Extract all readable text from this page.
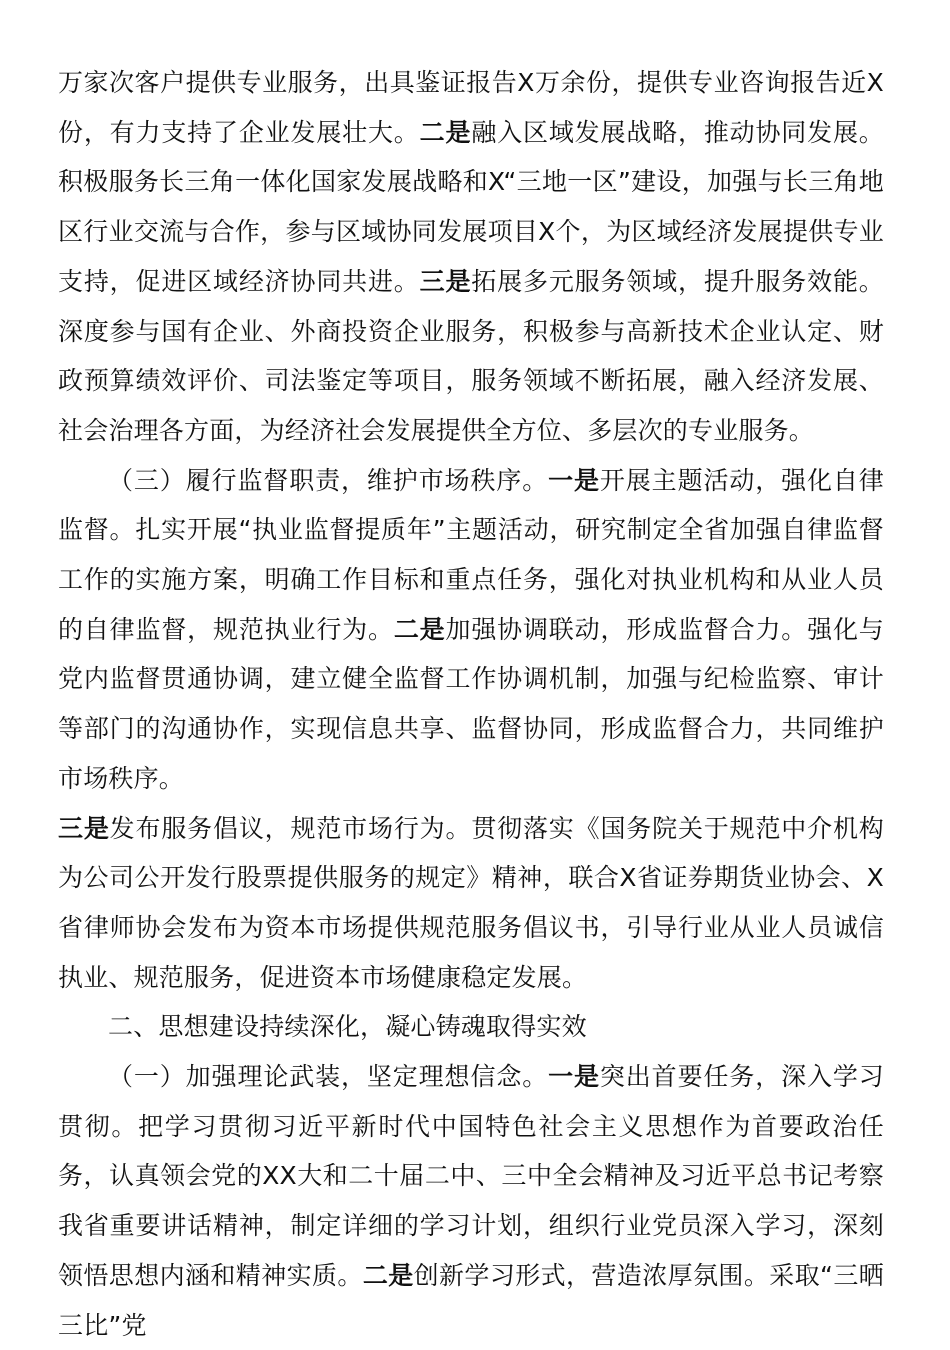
万家次客户提供专业服务，出具鉴证报告X万余份，提供专业咨询报告近X份，有力支持了企业发展壮大。二是融入区域发展战略，推动协同发展。积极服务长三角一体化国家发展战略和X“三地一区”建设，加强与长三角地区行业交流与合作，参与区域协同发展项目X个，为区域经济发展提供专业支持，促进区域经济协同共进。三是拓展多元服务领域，提升服务效能。深度参与国有企业、外商投资企业服务，积极参与高新技术企业认定、财政预算绩效评价、司法鉴定等项目，服务领域不断拓展，融入经济发展、社会治理各方面，为经济社会发展提供全方位、多层次的专业服务。

（三）履行监督职责，维护市场秩序。一是开展主题活动，强化自律监督。扎实开展“执业监督提质年”主题活动，研究制定全省加强自律监督工作的实施方案，明确工作目标和重点任务，强化对执业机构和从业人员的自律监督，规范执业行为。二是加强协调联动，形成监督合力。强化与党内监督贯通协调，建立健全监督工作协调机制，加强与纪检监察、审计等部门的沟通协作，实现信息共享、监督协同，形成监督合力，共同维护市场秩序。

三是发布服务倡议，规范市场行为。贯彻落实《国务院关于规范中介机构为公司公开发行股票提供服务的规定》精神，联合X省证券期货业协会、X省律师协会发布为资本市场提供规范服务倡议书，引导行业从业人员诚信执业、规范服务，促进资本市场健康稳定发展。

二、思想建设持续深化，凝心铸魂取得实效

（一）加强理论武装，坚定理想信念。一是突出首要任务，深入学习贯彻。把学习贯彻习近平新时代中国特色社会主义思想作为首要政治任务，认真领会党的XX大和二十届二中、三中全会精神及习近平总书记考察我省重要讲话精神，制定详细的学习计划，组织行业党员深入学习，深刻领悟思想内涵和精神实质。二是创新学习形式，营造浓厚氛围。采取“三晒三比”党
